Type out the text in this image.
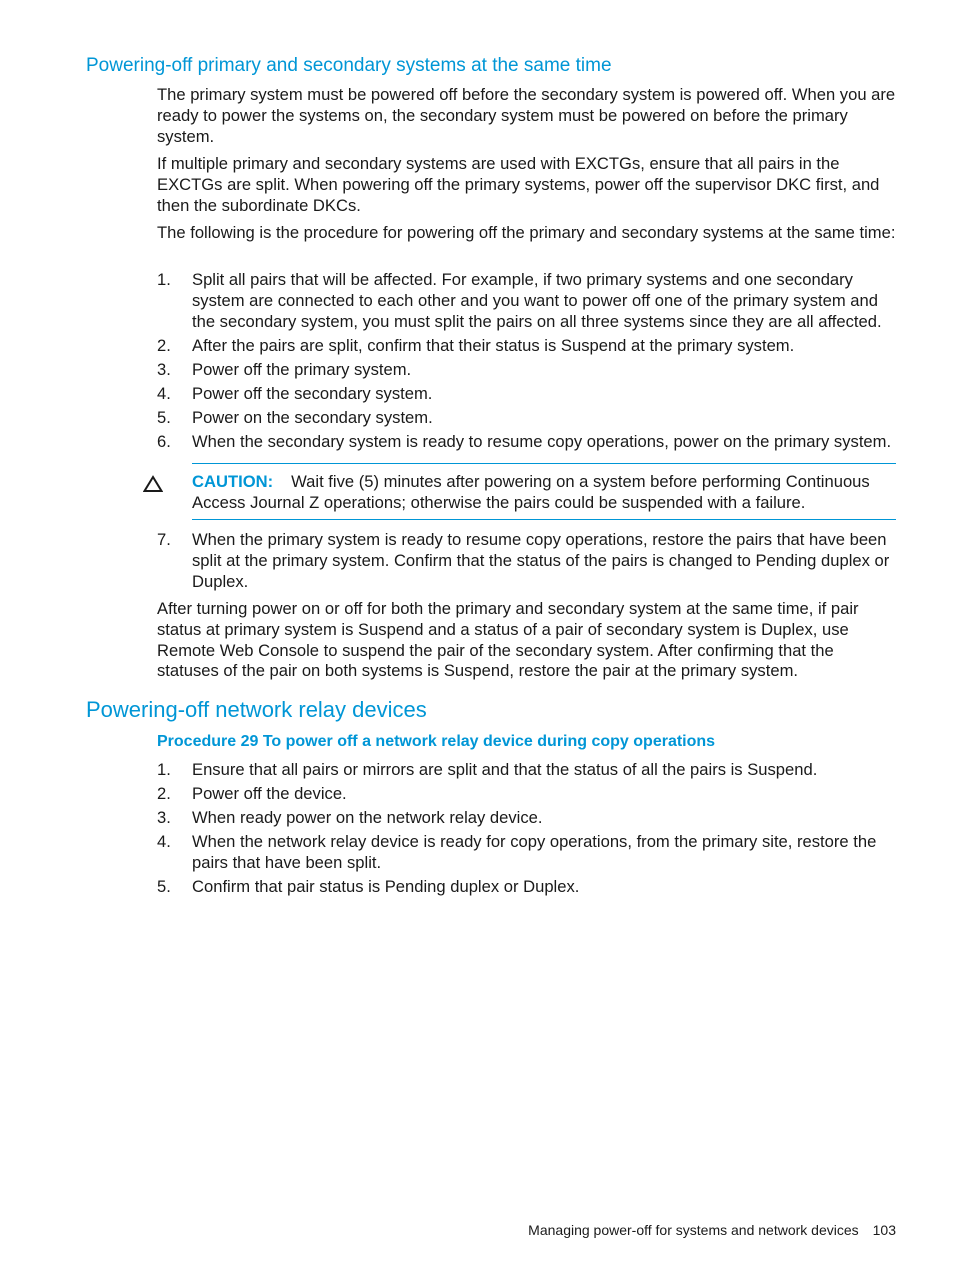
Powering-off primary and secondary systems at the same time

The primary system must be powered off before the secondary system is powered off. When you are ready to power the systems on, the secondary system must be powered on before the primary system.

If multiple primary and secondary systems are used with EXCTGs, ensure that all pairs in the EXCTGs are split. When powering off the primary systems, power off the supervisor DKC first, and then the subordinate DKCs.

The following is the procedure for powering off the primary and secondary systems at the same time:

1. Split all pairs that will be affected. For example, if two primary systems and one secondary system are connected to each other and you want to power off one of the primary system and the secondary system, you must split the pairs on all three systems since they are all affected.
2. After the pairs are split, confirm that their status is Suspend at the primary system.
3. Power off the primary system.
4. Power off the secondary system.
5. Power on the secondary system.
6. When the secondary system is ready to resume copy operations, power on the primary system.
CAUTION: Wait five (5) minutes after powering on a system before performing Continuous Access Journal Z operations; otherwise the pairs could be suspended with a failure.
7. When the primary system is ready to resume copy operations, restore the pairs that have been split at the primary system. Confirm that the status of the pairs is changed to Pending duplex or Duplex.

After turning power on or off for both the primary and secondary system at the same time, if pair status at primary system is Suspend and a status of a pair of secondary system is Duplex, use Remote Web Console to suspend the pair of the secondary system. After confirming that the statuses of the pair on both systems is Suspend, restore the pair at the primary system.

Powering-off network relay devices

Procedure 29 To power off a network relay device during copy operations

1. Ensure that all pairs or mirrors are split and that the status of all the pairs is Suspend.
2. Power off the device.
3. When ready power on the network relay device.
4. When the network relay device is ready for copy operations, from the primary site, restore the pairs that have been split.
5. Confirm that pair status is Pending duplex or Duplex.
Managing power-off for systems and network devices 103
